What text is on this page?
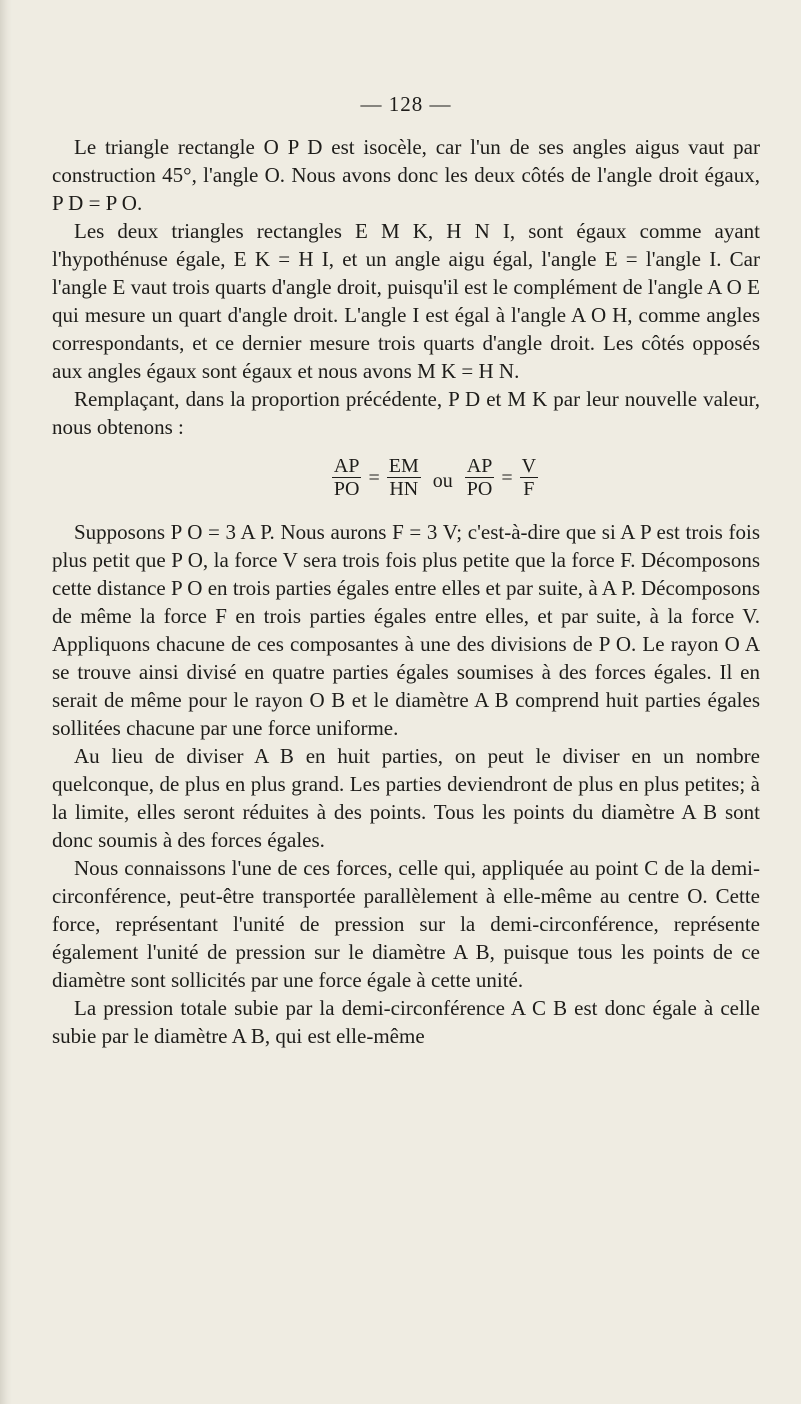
— 128 —

Le triangle rectangle O P D est isocèle, car l'un de ses angles aigus vaut par construction 45°, l'angle O. Nous avons donc les deux côtés de l'angle droit égaux, P D = P O.

Les deux triangles rectangles E M K, H N I, sont égaux comme ayant l'hypothénuse égale, E K = H I, et un angle aigu égal, l'angle E = l'angle I. Car l'angle E vaut trois quarts d'angle droit, puisqu'il est le complément de l'angle A O E qui mesure un quart d'angle droit. L'angle I est égal à l'angle A O H, comme angles correspondants, et ce dernier mesure trois quarts d'angle droit. Les côtés opposés aux angles égaux sont égaux et nous avons M K = H N.

Remplaçant, dans la proportion précédente, P D et M K par leur nouvelle valeur, nous obtenons :

$\frac{AP}{PO} = \frac{EM}{HN}$ ou $\frac{AP}{PO} = \frac{V}{F}$

Supposons P O = 3 A P. Nous aurons F = 3 V; c'est-à-dire que si A P est trois fois plus petit que P O, la force V sera trois fois plus petite que la force F. Décomposons cette distance P O en trois parties égales entre elles et par suite, à A P. Décomposons de même la force F en trois parties égales entre elles, et par suite, à la force V. Appliquons chacune de ces composantes à une des divisions de P O. Le rayon O A se trouve ainsi divisé en quatre parties égales soumises à des forces égales. Il en serait de même pour le rayon O B et le diamètre A B comprend huit parties égales sollitées chacune par une force uniforme.

Au lieu de diviser A B en huit parties, on peut le diviser en un nombre quelconque, de plus en plus grand. Les parties deviendront de plus en plus petites; à la limite, elles seront réduites à des points. Tous les points du diamètre A B sont donc soumis à des forces égales.

Nous connaissons l'une de ces forces, celle qui, appliquée au point C de la demi-circonférence, peut-être transportée parallèlement à elle-même au centre O. Cette force, représentant l'unité de pression sur la demi-circonférence, représente également l'unité de pression sur le diamètre A B, puisque tous les points de ce diamètre sont sollicités par une force égale à cette unité.

La pression totale subie par la demi-circonférence A C B est donc égale à celle subie par le diamètre A B, qui est elle-même
